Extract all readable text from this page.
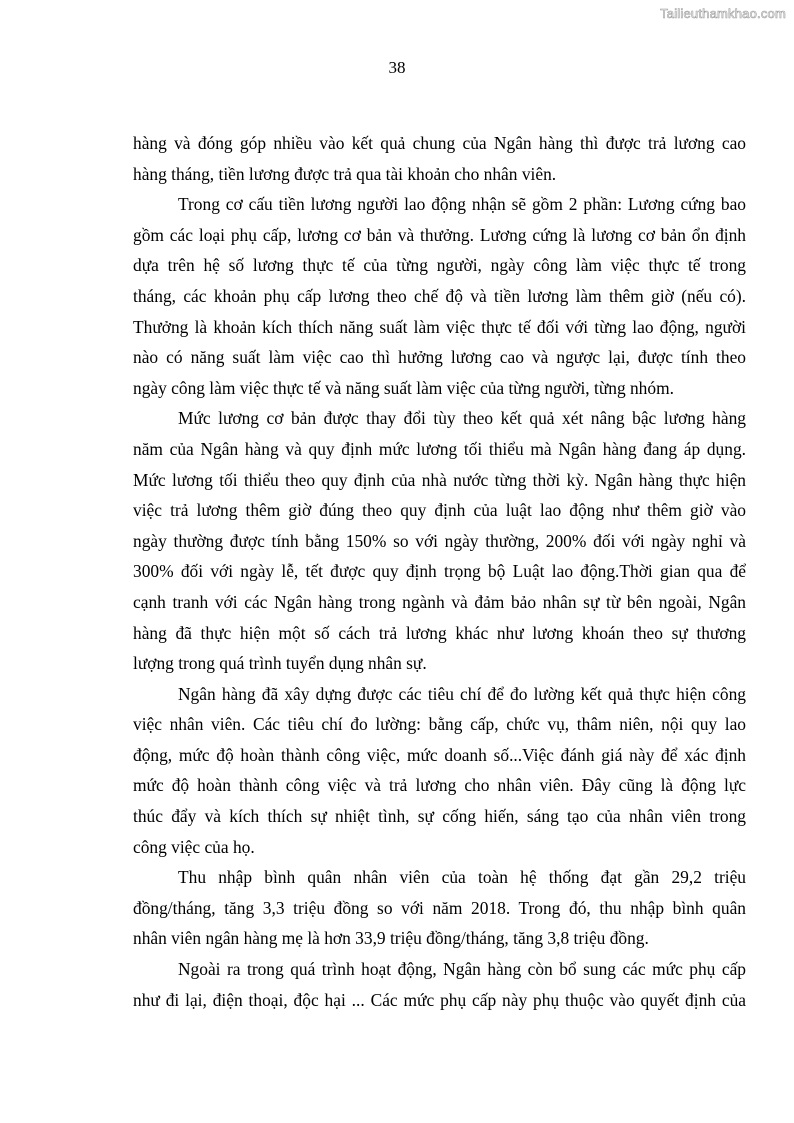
Tailieuthamkhao.com
38

hàng và đóng góp nhiều vào kết quả chung của Ngân hàng thì được trả lương cao
hàng tháng, tiền lương được trả qua tài khoản cho nhân viên.

Trong cơ cấu tiền lương người lao động nhận sẽ gồm 2 phần: Lương cứng bao
gồm các loại phụ cấp, lương cơ bản và thưởng. Lương cứng là lương cơ bản ổn định
dựa trên hệ số lương thực tế của từng người, ngày công làm việc thực tế trong
tháng, các khoản phụ cấp lương theo chế độ và tiền lương làm thêm giờ (nếu có).
Thưởng là khoản kích thích năng suất làm việc thực tế đối với từng lao động, người
nào có năng suất làm việc cao thì hưởng lương cao và ngược lại, được tính theo
ngày công làm việc thực tế và năng suất làm việc của từng người, từng nhóm.

Mức lương cơ bản được thay đổi tùy theo kết quả xét nâng bậc lương hàng
năm của Ngân hàng và quy định mức lương tối thiểu mà Ngân hàng đang áp dụng.
Mức lương tối thiểu theo quy định của nhà nước từng thời kỳ. Ngân hàng thực hiện
việc trả lương thêm giờ đúng theo quy định của luật lao động như thêm giờ vào
ngày thường được tính bằng 150% so với ngày thường, 200% đối với ngày nghỉ và
300% đối với ngày lễ, tết được quy định trọng bộ Luật lao động.Thời gian qua để
cạnh tranh với các Ngân hàng trong ngành và đảm bảo nhân sự từ bên ngoài, Ngân
hàng đã thực hiện một số cách trả lương khác như lương khoán theo sự thương
lượng trong quá trình tuyển dụng nhân sự.

Ngân hàng đã xây dựng được các tiêu chí để đo lường kết quả thực hiện công
việc nhân viên. Các tiêu chí đo lường: bằng cấp, chức vụ, thâm niên, nội quy lao
động, mức độ hoàn thành công việc, mức doanh số...Việc đánh giá này để xác định
mức độ hoàn thành công việc và trả lương cho nhân viên. Đây cũng là động lực
thúc đẩy và kích thích sự nhiệt tình, sự cống hiến, sáng tạo của nhân viên trong
công việc của họ.

Thu nhập bình quân nhân viên của toàn hệ thống đạt gần 29,2 triệu
đồng/tháng, tăng 3,3 triệu đồng so với năm 2018. Trong đó, thu nhập bình quân
nhân viên ngân hàng mẹ là hơn 33,9 triệu đồng/tháng, tăng 3,8 triệu đồng.

Ngoài ra trong quá trình hoạt động, Ngân hàng còn bổ sung các mức phụ cấp
như đi lại, điện thoại, độc hại ... Các mức phụ cấp này phụ thuộc vào quyết định của
